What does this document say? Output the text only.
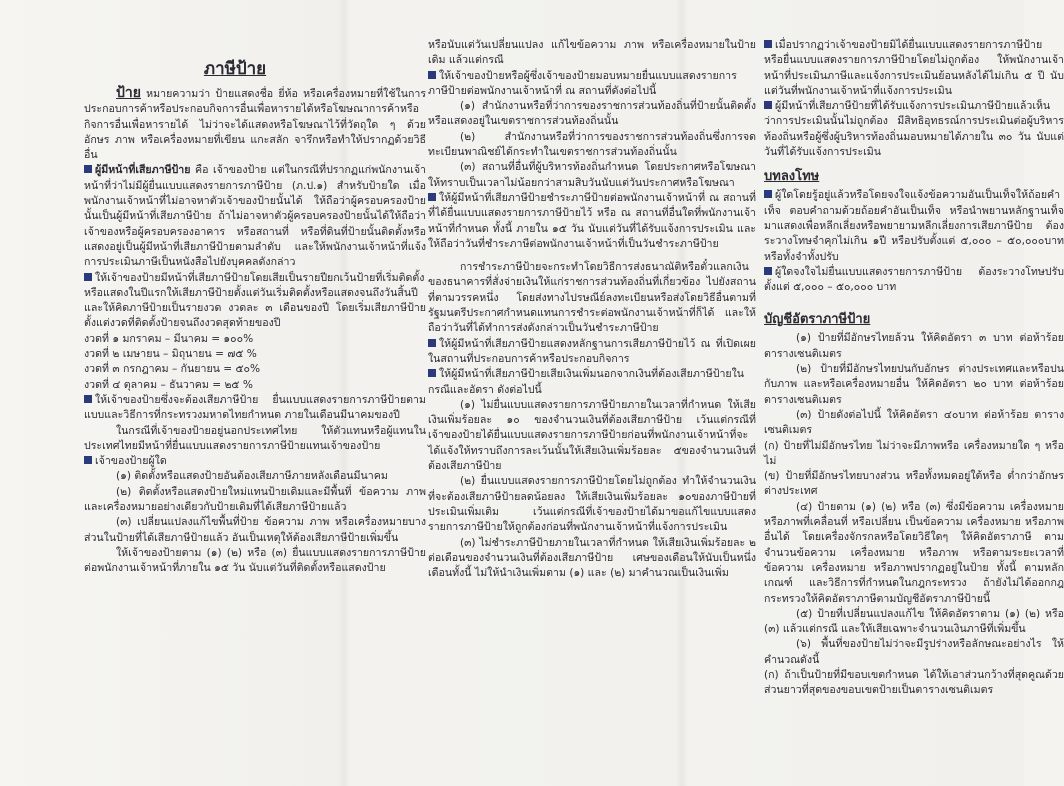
ภาษีป้าย

ป้าย หมายความว่า ป้ายแสดงชื่อ ยี่ห้อ หรือเครื่องหมายที่ใช้ในการประกอบการค้าหรือประกอบกิจการอื่นเพื่อหารายได้หรือโฆษณาการค้าหรือกิจการอื่นเพื่อหารายได้ ไม่ว่าจะได้แสดงหรือโฆษณาไว้ที่วัตถุใด ๆ ด้วยอักษร ภาพ หรือเครื่องหมายที่เขียน แกะสลัก จารึกหรือทำให้ปรากฏด้วยวิธีอื่น

ผู้มีหน้าที่เสียภาษีป้าย คือ เจ้าของป้าย แต่ในกรณีที่ปรากฏแก่พนักงานเจ้าหน้าที่ว่าไม่มีผู้ยื่นแบบแสดงรายการภาษีป้าย (ภ.ป.๑) สำหรับป้ายใด เมื่อพนักงานเจ้าหน้าที่ไม่อาจหาตัวเจ้าของป้ายนั้นได้ ให้ถือว่าผู้ครอบครองป้ายนั้นเป็นผู้มีหน้าที่เสียภาษีป้าย ถ้าไม่อาจหาตัวผู้ครอบครองป้ายนั้นได้ให้ถือว่าเจ้าของหรือผู้ครอบครองอาคาร หรือสถานที่ หรือที่ดินที่ป้ายนั้นติดตั้งหรือแสดงอยู่เป็นผู้มีหน้าที่เสียภาษีป้ายตามลำดับ และให้พนักงานเจ้าหน้าที่แจ้งการประเมินภาษีเป็นหนังสือไปยังบุคคลดังกล่าว

ให้เจ้าของป้ายมีหน้าที่เสียภาษีป้ายโดยเสียเป็นรายปียกเว้นป้ายที่เริ่มติดตั้งหรือแสดงในปีแรกให้เสียภาษีป้ายตั้งแต่วันเริ่มติดตั้งหรือแสดงจนถึงวันสิ้นปี และให้คิดภาษีป้ายเป็นรายงวด งวดละ ๓ เดือนของปี โดยเริ่มเสียภาษีป้ายตั้งแต่งวดที่ติดตั้งป้ายจนถึงงวดสุดท้ายของปี

งวดที่ ๑ มกราคม – มีนาคม = ๑๐๐%

งวดที่ ๒ เมษายน – มิถุนายน = ๗๕ %

งวดที่ ๓ กรกฎาคม – กันยายน = ๕๐%

งวดที่ ๔ ตุลาคม – ธันวาคม = ๒๕ %

ให้เจ้าของป้ายซึ่งจะต้องเสียภาษีป้าย ยื่นแบบแสดงรายการภาษีป้ายตามแบบและวิธีการที่กระทรวงมหาดไทยกำหนด ภายในเดือนมีนาคมของปี

ในกรณีที่เจ้าของป้ายอยู่นอกประเทศไทย ให้ตัวแทนหรือผู้แทนในประเทศไทยมีหน้าที่ยื่นแบบแสดงรายการภาษีป้ายแทนเจ้าของป้าย

เจ้าของป้ายผู้ใด

(๑) ติดตั้งหรือแสดงป้ายอันต้องเสียภาษีภายหลังเดือนมีนาคม

(๒) ติดตั้งหรือแสดงป้ายใหม่แทนป้ายเดิมและมีพื้นที่ ข้อความ ภาพ และเครื่องหมายอย่างเดียวกับป้ายเดิมที่ได้เสียภาษีป้ายแล้ว

(๓) เปลี่ยนแปลงแก้ไขพื้นที่ป้าย ข้อความ ภาพ หรือเครื่องหมายบางส่วนในป้ายที่ได้เสียภาษีป้ายแล้ว อันเป็นเหตุให้ต้องเสียภาษีป้ายเพิ่มขึ้น

ให้เจ้าของป้ายตาม (๑) (๒) หรือ (๓) ยื่นแบบแสดงรายการภาษีป้ายต่อพนักงานเจ้าหน้าที่ภายใน ๑๕ วัน นับแต่วันที่ติดตั้งหรือแสดงป้าย

หรือนับแต่วันเปลี่ยนแปลง แก้ไขข้อความ ภาพ หรือเครื่องหมายในป้ายเดิม แล้วแต่กรณี

ให้เจ้าของป้ายหรือผู้ซึ่งเจ้าของป้ายมอบหมายยื่นแบบแสดงรายการภาษีป้ายต่อพนักงานเจ้าหน้าที่ ณ สถานที่ดังต่อไปนี้

(๑) สำนักงานหรือที่ว่าการของราชการส่วนท้องถิ่นที่ป้ายนั้นติดตั้งหรือแสดงอยู่ในเขตราชการส่วนท้องถิ่นนั้น

(๒) สำนักงานหรือที่ว่าการของราชการส่วนท้องถิ่นซึ่งการจดทะเบียนพาณิชย์ได้กระทำในเขตราชการส่วนท้องถิ่นนั้น

(๓) สถานที่อื่นที่ผู้บริหารท้องถิ่นกำหนด โดยประกาศหรือโฆษณาให้ทราบเป็นเวลาไม่น้อยกว่าสามสิบวันนับแต่วันประกาศหรือโฆษณา

ให้ผู้มีหน้าที่เสียภาษีป้ายชำระภาษีป้ายต่อพนักงานเจ้าหน้าที่ ณ สถานที่ที่ได้ยื่นแบบแสดงรายการภาษีป้ายไว้ หรือ ณ สถานที่อื่นใดที่พนักงานเจ้าหน้าที่กำหนด ทั้งนี้ ภายใน ๑๕ วัน นับแต่วันที่ได้รับแจ้งการประเมิน และให้ถือว่าวันที่ชำระภาษีต่อพนักงานเจ้าหน้าที่เป็นวันชำระภาษีป้าย

การชำระภาษีป้ายจะกระทำโดยวิธีการส่งธนาณัติหรือตั๋วแลกเงินของธนาคารที่สั่งจ่ายเงินให้แก่ราชการส่วนท้องถิ่นที่เกี่ยวข้อง ไปยังสถานที่ตามวรรคหนึ่ง โดยส่งทางไปรษณีย์ลงทะเบียนหรือส่งโดยวิธีอื่นตามที่รัฐมนตรีประกาศกำหนดแทนการชำระต่อพนักงานเจ้าหน้าที่ก็ได้ และให้ถือว่าวันที่ได้ทำการส่งดังกล่าวเป็นวันชำระภาษีป้าย

ให้ผู้มีหน้าที่เสียภาษีป้ายแสดงหลักฐานการเสียภาษีป้ายไว้ ณ ที่เปิดเผยในสถานที่ประกอบการค้าหรือประกอบกิจการ

ให้ผู้มีหน้าที่เสียภาษีป้ายเสียเงินเพิ่มนอกจากเงินที่ต้องเสียภาษีป้ายในกรณีและอัตรา ดังต่อไปนี้

(๑) ไม่ยื่นแบบแสดงรายการภาษีป้ายภายในเวลาที่กำหนด ให้เสียเงินเพิ่มร้อยละ ๑๐ ของจำนวนเงินที่ต้องเสียภาษีป้าย เว้นแต่กรณีที่เจ้าของป้ายได้ยื่นแบบแสดงรายการภาษีป้ายก่อนที่พนักงานเจ้าหน้าที่จะได้แจ้งให้ทราบถึงการละเว้นนั้นให้เสียเงินเพิ่มร้อยละ ๕ของจำนวนเงินที่ต้องเสียภาษีป้าย

(๒) ยื่นแบบแสดงรายการภาษีป้ายโดยไม่ถูกต้อง ทำให้จำนวนเงินที่จะต้องเสียภาษีป้ายลดน้อยลง ให้เสียเงินเพิ่มร้อยละ ๑๐ของภาษีป้ายที่ประเมินเพิ่มเติม เว้นแต่กรณีที่เจ้าของป้ายได้มาขอแก้ไขแบบแสดงรายการภาษีป้ายให้ถูกต้องก่อนที่พนักงานเจ้าหน้าที่แจ้งการประเมิน

(๓) ไม่ชำระภาษีป้ายภายในเวลาที่กำหนด ให้เสียเงินเพิ่มร้อยละ ๒ ต่อเดือนของจำนวนเงินที่ต้องเสียภาษีป้าย เศษของเดือนให้นับเป็นหนึ่งเดือนทั้งนี้ ไม่ให้นำเงินเพิ่มตาม (๑) และ (๒) มาคำนวณเป็นเงินเพิ่ม

เมื่อปรากฏว่าเจ้าของป้ายมิได้ยื่นแบบแสดงรายการภาษีป้าย หรือยื่นแบบแสดงรายการภาษีป้ายโดยไม่ถูกต้อง ให้พนักงานเจ้าหน้าที่ประเมินภาษีและแจ้งการประเมินย้อนหลังได้ไม่เกิน ๕ ปี นับแต่วันที่พนักงานเจ้าหน้าที่แจ้งการประเมิน

ผู้มีหน้าที่เสียภาษีป้ายที่ได้รับแจ้งการประเมินภาษีป้ายแล้วเห็นว่าการประเมินนั้นไม่ถูกต้อง มีสิทธิอุทธรณ์การประเมินต่อผู้บริหารท้องถิ่นหรือผู้ซึ่งผู้บริหารท้องถิ่นมอบหมายได้ภายใน ๓๐ วัน นับแต่วันที่ได้รับแจ้งการประเมิน

บทลงโทษ

ผู้ใดโดยรู้อยู่แล้วหรือโดยจงใจแจ้งข้อความอันเป็นเท็จให้ถ้อยคำเท็จ ตอบคำถามด้วยถ้อยคำอันเป็นเท็จ หรือนำพยานหลักฐานเท็จมาแสดงเพื่อหลีกเลี่ยงหรือพยายามหลีกเลี่ยงการเสียภาษีป้าย ต้องระวางโทษจำคุกไม่เกิน ๑ปี หรือปรับตั้งแต่ ๕,๐๐๐ – ๕๐,๐๐๐บาท หรือทั้งจำทั้งปรับ

ผู้ใดจงใจไม่ยื่นแบบแสดงรายการภาษีป้าย ต้องระวางโทษปรับตั้งแต่ ๕,๐๐๐ – ๕๐,๐๐๐ บาท

บัญชีอัตราภาษีป้าย

(๑) ป้ายที่มีอักษรไทยล้วน ให้คิดอัตรา ๓ บาท ต่อห้าร้อยตารางเซนติเมตร

(๒) ป้ายที่มีอักษรไทยปนกับอักษร ต่างประเทศและหรือปนกับภาพ และหรือเครื่องหมายอื่น ให้คิดอัตรา ๒๐ บาท ต่อห้าร้อย ตารางเซนติเมตร

(๓) ป้ายดังต่อไปนี้ ให้คิดอัตรา ๔๐บาท ต่อห้าร้อย ตารางเซนติเมตร

(ก) ป้ายที่ไม่มีอักษรไทย ไม่ว่าจะมีภาพหรือ เครื่องหมายใด ๆ หรือไม่

(ข) ป้ายที่มีอักษรไทยบางส่วน หรือทั้งหมดอยู่ใต้หรือ ต่ำกว่าอักษรต่างประเทศ

(๔) ป้ายตาม (๑) (๒) หรือ (๓) ซึ่งมีข้อความ เครื่องหมาย หรือภาพที่เคลื่อนที่ หรือเปลี่ยน เป็นข้อความ เครื่องหมาย หรือภาพอื่นได้ โดยเครื่องจักรกลหรือโดยวิธีใดๆ ให้คิดอัตราภาษี ตามจำนวนข้อความ เครื่องหมาย หรือภาพ หรือตามระยะเวลาที่ข้อความ เครื่องหมาย หรือภาพปรากฏอยู่ในป้าย ทั้งนี้ ตามหลักเกณฑ์ และวิธีการที่กำหนดในกฎกระทรวง ถ้ายังไม่ได้ออกกฎกระทรวงให้คิดอัตราภาษีตามบัญชีอัตราภาษีป้ายนี้

(๕) ป้ายที่เปลี่ยนแปลงแก้ไข ให้คิดอัตราตาม (๑) (๒) หรือ (๓) แล้วแต่กรณี และให้เสียเฉพาะจำนวนเงินภาษีที่เพิ่มขึ้น

(๖) พื้นที่ของป้ายไม่ว่าจะมีรูปร่างหรือลักษณะอย่างไร ให้คำนวณดังนี้

(ก) ถ้าเป็นป้ายที่มีขอบเขตกำหนด ได้ให้เอาส่วนกว้างที่สุดคูณด้วยส่วนยาวที่สุดของขอบเขตป้ายเป็นตารางเซนติเมตร
